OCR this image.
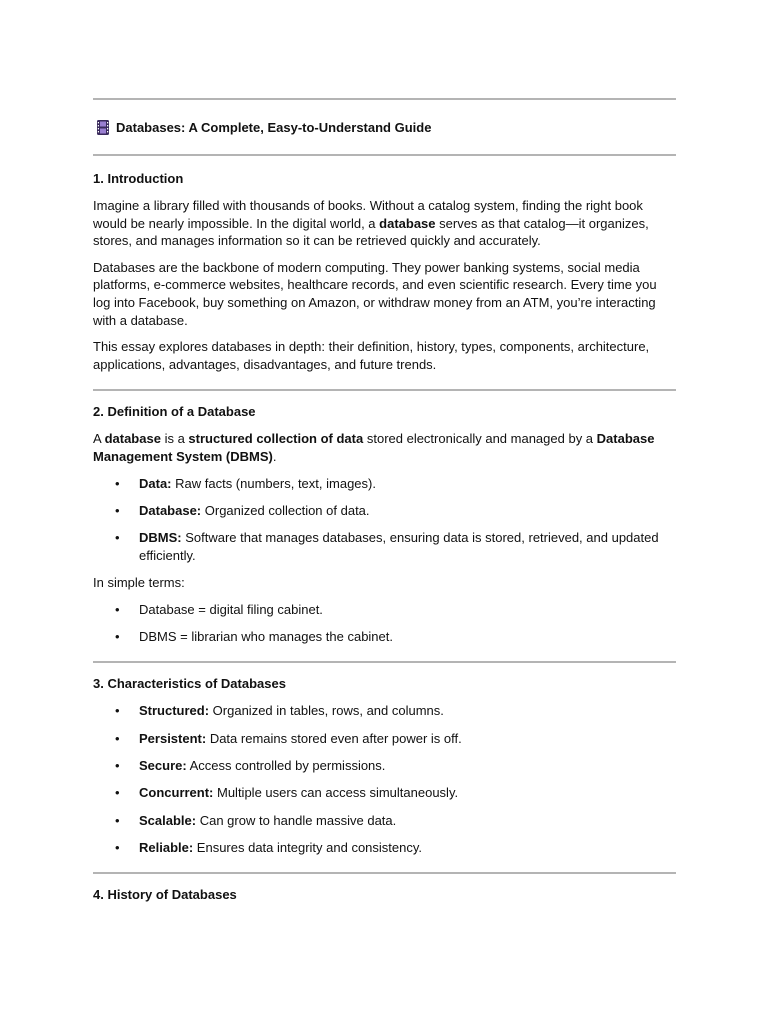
Databases: A Complete, Easy-to-Understand Guide
1. Introduction

Imagine a library filled with thousands of books. Without a catalog system, finding the right book would be nearly impossible. In the digital world, a database serves as that catalog—it organizes, stores, and manages information so it can be retrieved quickly and accurately.

Databases are the backbone of modern computing. They power banking systems, social media platforms, e-commerce websites, healthcare records, and even scientific research. Every time you log into Facebook, buy something on Amazon, or withdraw money from an ATM, you’re interacting with a database.

This essay explores databases in depth: their definition, history, types, components, architecture, applications, advantages, disadvantages, and future trends.

2. Definition of a Database

A database is a structured collection of data stored electronically and managed by a Database Management System (DBMS).

• Data: Raw facts (numbers, text, images).
• Database: Organized collection of data.
• DBMS: Software that manages databases, ensuring data is stored, retrieved, and updated efficiently.

In simple terms:

• Database = digital filing cabinet.
• DBMS = librarian who manages the cabinet.
3. Characteristics of Databases
• Structured: Organized in tables, rows, and columns.
• Persistent: Data remains stored even after power is off.
• Secure: Access controlled by permissions.
• Concurrent: Multiple users can access simultaneously.
• Scalable: Can grow to handle massive data.
• Reliable: Ensures data integrity and consistency.
4. History of Databases
